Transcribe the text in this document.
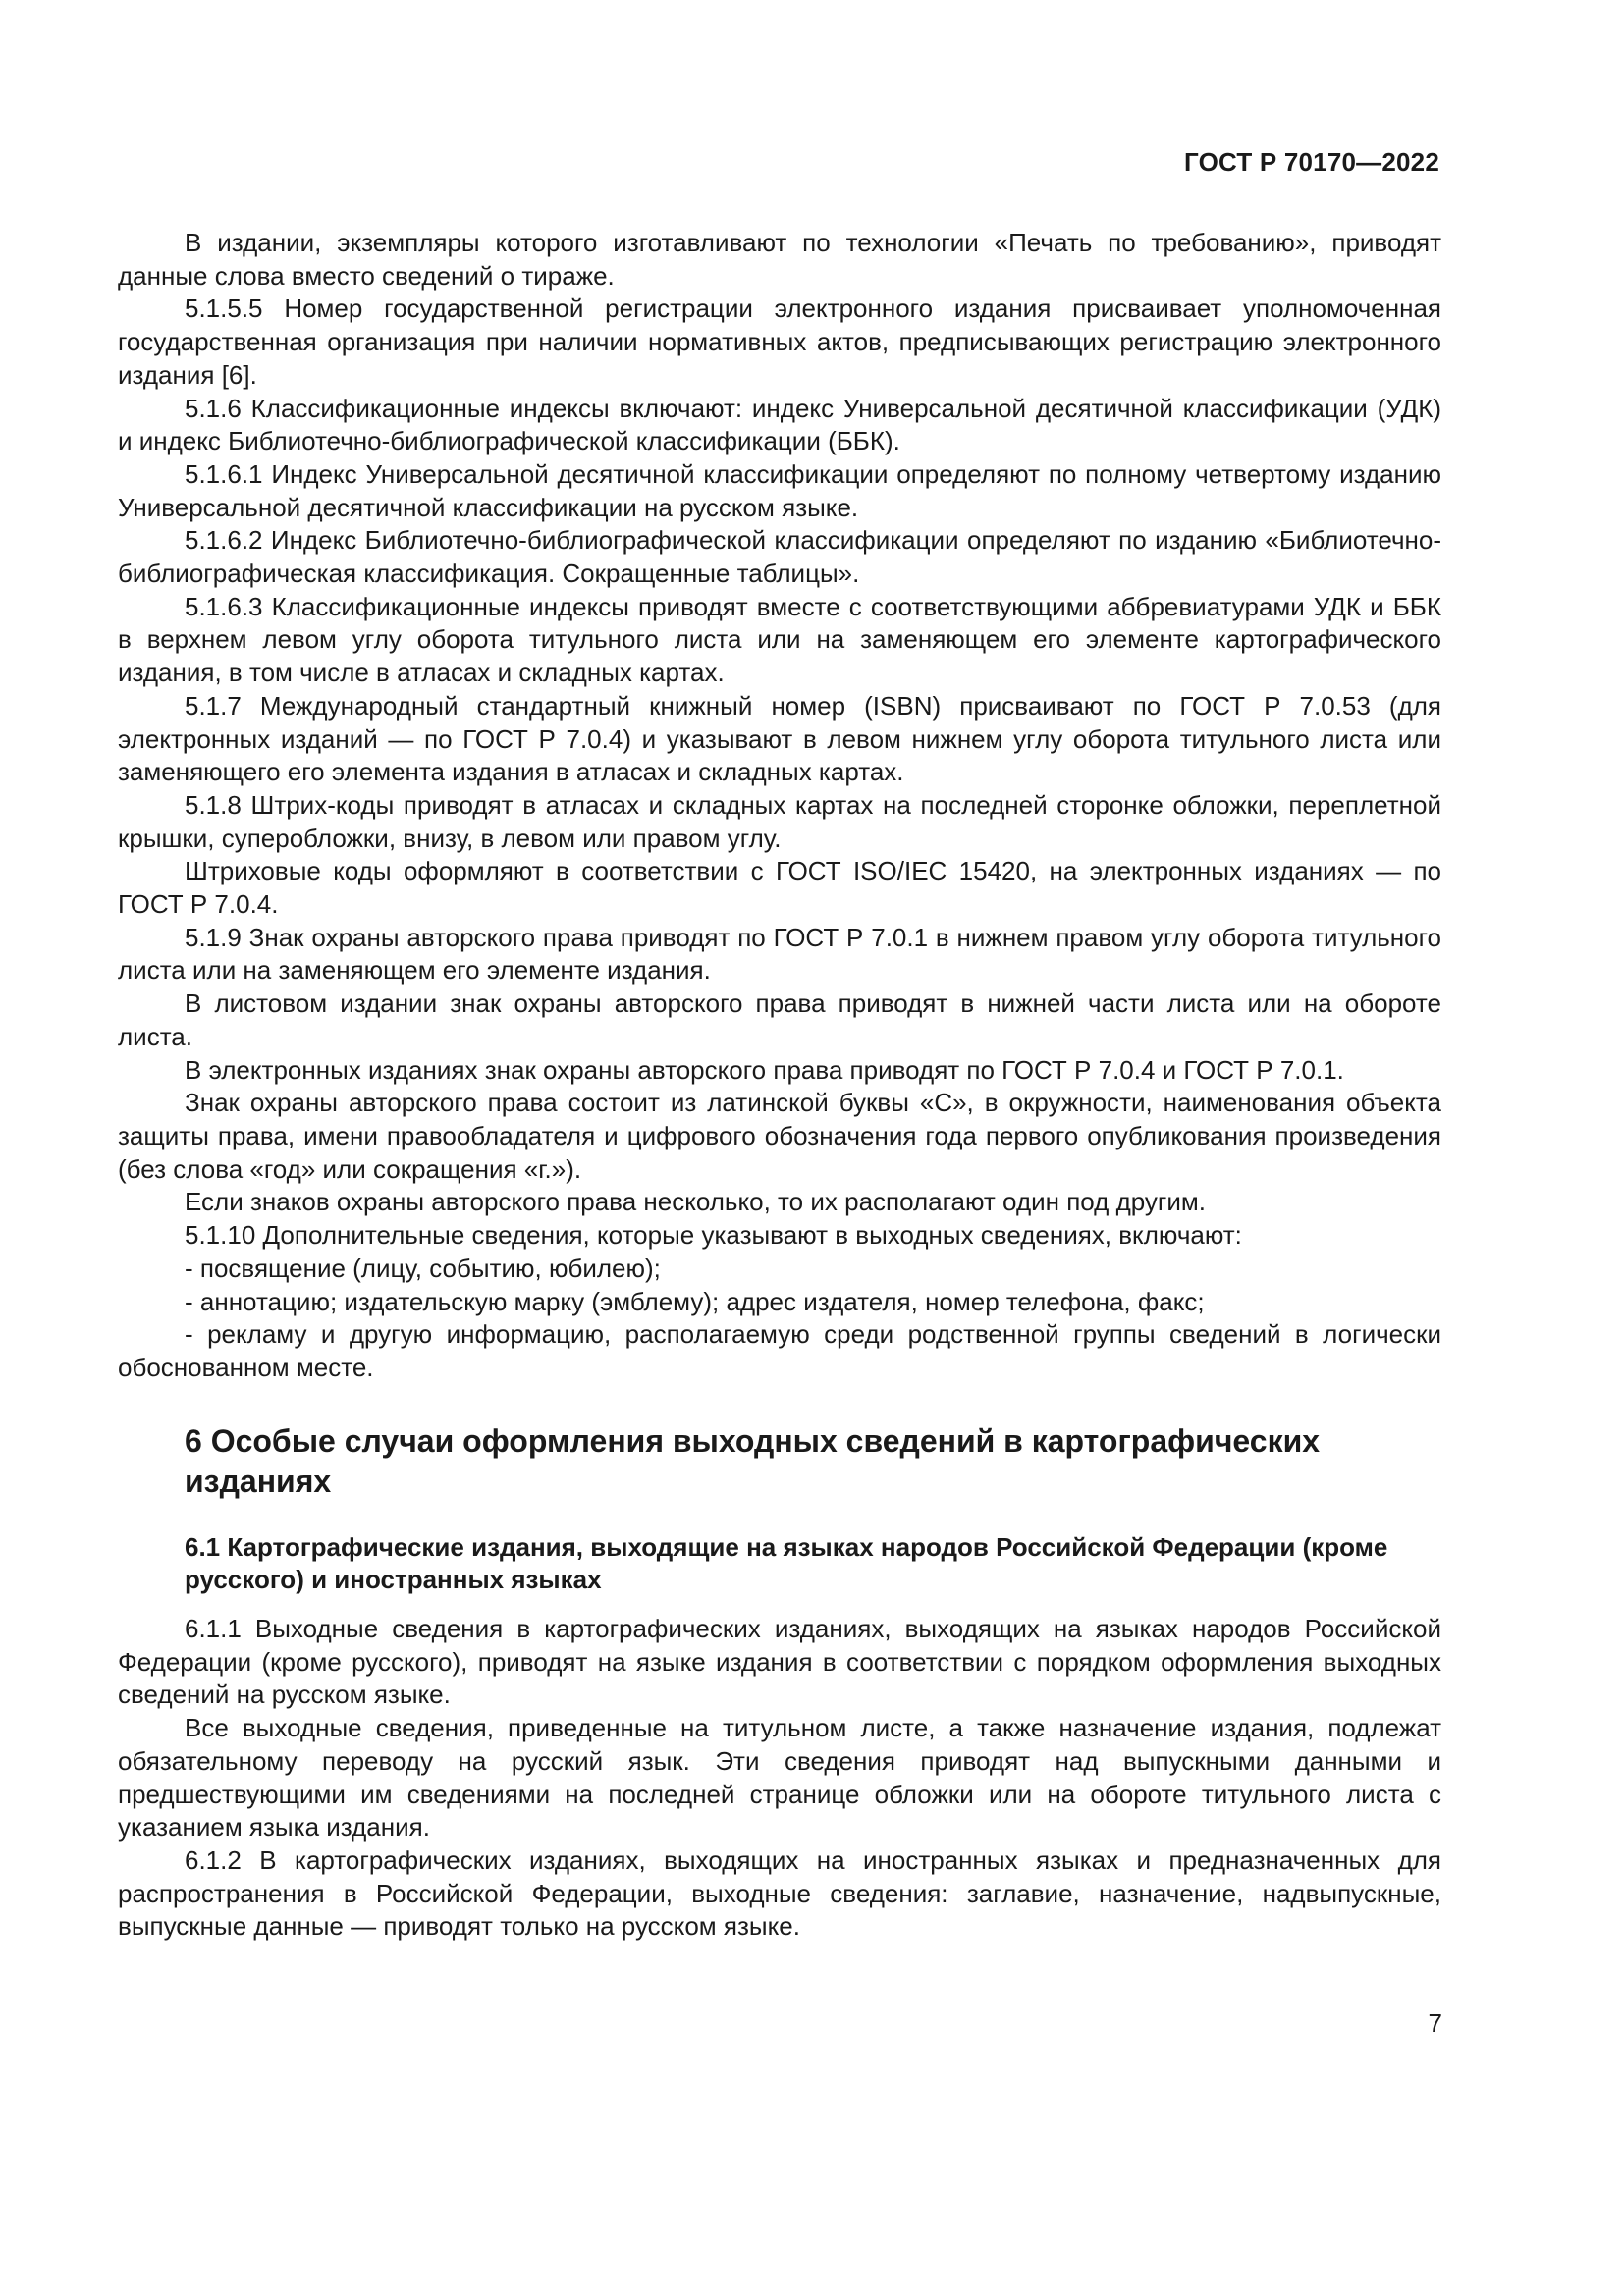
ГОСТ Р 70170—2022

В издании, экземпляры которого изготавливают по технологии «Печать по требованию», приводят данные слова вместо сведений о тираже.

5.1.5.5 Номер государственной регистрации электронного издания присваивает уполномоченная государственная организация при наличии нормативных актов, предписывающих регистрацию электронного издания [6].

5.1.6 Классификационные индексы включают: индекс Универсальной десятичной классификации (УДК) и индекс Библиотечно-библиографической классификации (ББК).

5.1.6.1 Индекс Универсальной десятичной классификации определяют по полному четвертому изданию Универсальной десятичной классификации на русском языке.

5.1.6.2 Индекс Библиотечно-библиографической классификации определяют по изданию «Библиотечно-библиографическая классификация. Сокращенные таблицы».

5.1.6.3 Классификационные индексы приводят вместе с соответствующими аббревиатурами УДК и ББК в верхнем левом углу оборота титульного листа или на заменяющем его элементе картографического издания, в том числе в атласах и складных картах.

5.1.7 Международный стандартный книжный номер (ISBN) присваивают по ГОСТ Р 7.0.53 (для электронных изданий — по ГОСТ Р 7.0.4) и указывают в левом нижнем углу оборота титульного листа или заменяющего его элемента издания в атласах и складных картах.

5.1.8 Штрих-коды приводят в атласах и складных картах на последней сторонке обложки, переплетной крышки, суперобложки, внизу, в левом или правом углу.

Штриховые коды оформляют в соответствии с ГОСТ ISO/IEC 15420, на электронных изданиях — по ГОСТ Р 7.0.4.

5.1.9 Знак охраны авторского права приводят по ГОСТ Р 7.0.1 в нижнем правом углу оборота титульного листа или на заменяющем его элементе издания.

В листовом издании знак охраны авторского права приводят в нижней части листа или на обороте листа.

В электронных изданиях знак охраны авторского права приводят по ГОСТ Р 7.0.4 и ГОСТ Р 7.0.1.

Знак охраны авторского права состоит из латинской буквы «С», в окружности, наименования объекта защиты права, имени правообладателя и цифрового обозначения года первого опубликования произведения (без слова «год» или сокращения «г.»).

Если знаков охраны авторского права несколько, то их располагают один под другим.

5.1.10 Дополнительные сведения, которые указывают в выходных сведениях, включают:

- посвящение (лицу, событию, юбилею);

- аннотацию; издательскую марку (эмблему); адрес издателя, номер телефона, факс;

- рекламу и другую информацию, располагаемую среди родственной группы сведений в логически обоснованном месте.

6 Особые случаи оформления выходных сведений в картографических изданиях
6.1 Картографические издания, выходящие на языках народов Российской Федерации (кроме русского) и иностранных языках

6.1.1 Выходные сведения в картографических изданиях, выходящих на языках народов Российской Федерации (кроме русского), приводят на языке издания в соответствии с порядком оформления выходных сведений на русском языке.

Все выходные сведения, приведенные на титульном листе, а также назначение издания, подлежат обязательному переводу на русский язык. Эти сведения приводят над выпускными данными и предшествующими им сведениями на последней странице обложки или на обороте титульного листа с указанием языка издания.

6.1.2 В картографических изданиях, выходящих на иностранных языках и предназначенных для распространения в Российской Федерации, выходные сведения: заглавие, назначение, надвыпускные, выпускные данные — приводят только на русском языке.

7
